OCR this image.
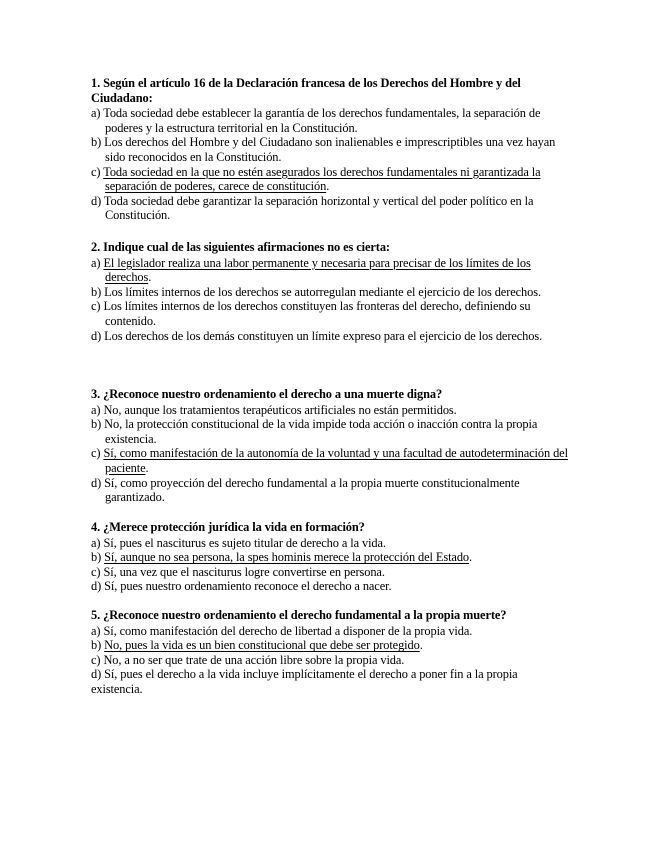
1. Según el artículo 16 de la Declaración francesa de los Derechos del Hombre y del Ciudadano:

a) Toda sociedad debe establecer la garantía de los derechos fundamentales, la separación de poderes y la estructura territorial en la Constitución.

b) Los derechos del Hombre y del Ciudadano son inalienables e imprescriptibles una vez hayan sido reconocidos en la Constitución.

c) Toda sociedad en la que no estén asegurados los derechos fundamentales ni garantizada la separación de poderes, carece de constitución.

d) Toda sociedad debe garantizar la separación horizontal y vertical del poder político en la Constitución.

2. Indique cual de las siguientes afirmaciones no es cierta:

a) El legislador realiza una labor permanente y necesaria para precisar de los límites de los derechos.

b) Los límites internos de los derechos se autorregulan mediante el ejercicio de los derechos.

c) Los límites internos de los derechos constituyen las fronteras del derecho, definiendo su contenido.

d) Los derechos de los demás constituyen un límite expreso para el ejercicio de los derechos.

3. ¿Reconoce nuestro ordenamiento el derecho a una muerte digna?

a) No, aunque los tratamientos terapéuticos artificiales no están permitidos.

b) No, la protección constitucional de la vida impide toda acción o inacción contra la propia existencia.

c) Sí, como manifestación de la autonomía de la voluntad y una facultad de autodeterminación del paciente.

d) Sí, como proyección del derecho fundamental a la propia muerte constitucionalmente garantizado.

4. ¿Merece protección jurídica la vida en formación?

a) Sí, pues el nasciturus es sujeto titular de derecho a la vida.

b) Sí, aunque no sea persona, la spes hominis merece la protección del Estado.

c) Sí, una vez que el nasciturus logre convertirse en persona.

d) Sí, pues nuestro ordenamiento reconoce el derecho a nacer.

5. ¿Reconoce nuestro ordenamiento el derecho fundamental a la propia muerte?

a) Sí, como manifestación del derecho de libertad a disponer de la propia vida.

b) No, pues la vida es un bien constitucional que debe ser protegido.

c) No, a no ser que trate de una acción libre sobre la propia vida.

d) Sí, pues el derecho a la vida incluye implícitamente el derecho a poner fin a la propia existencia.
